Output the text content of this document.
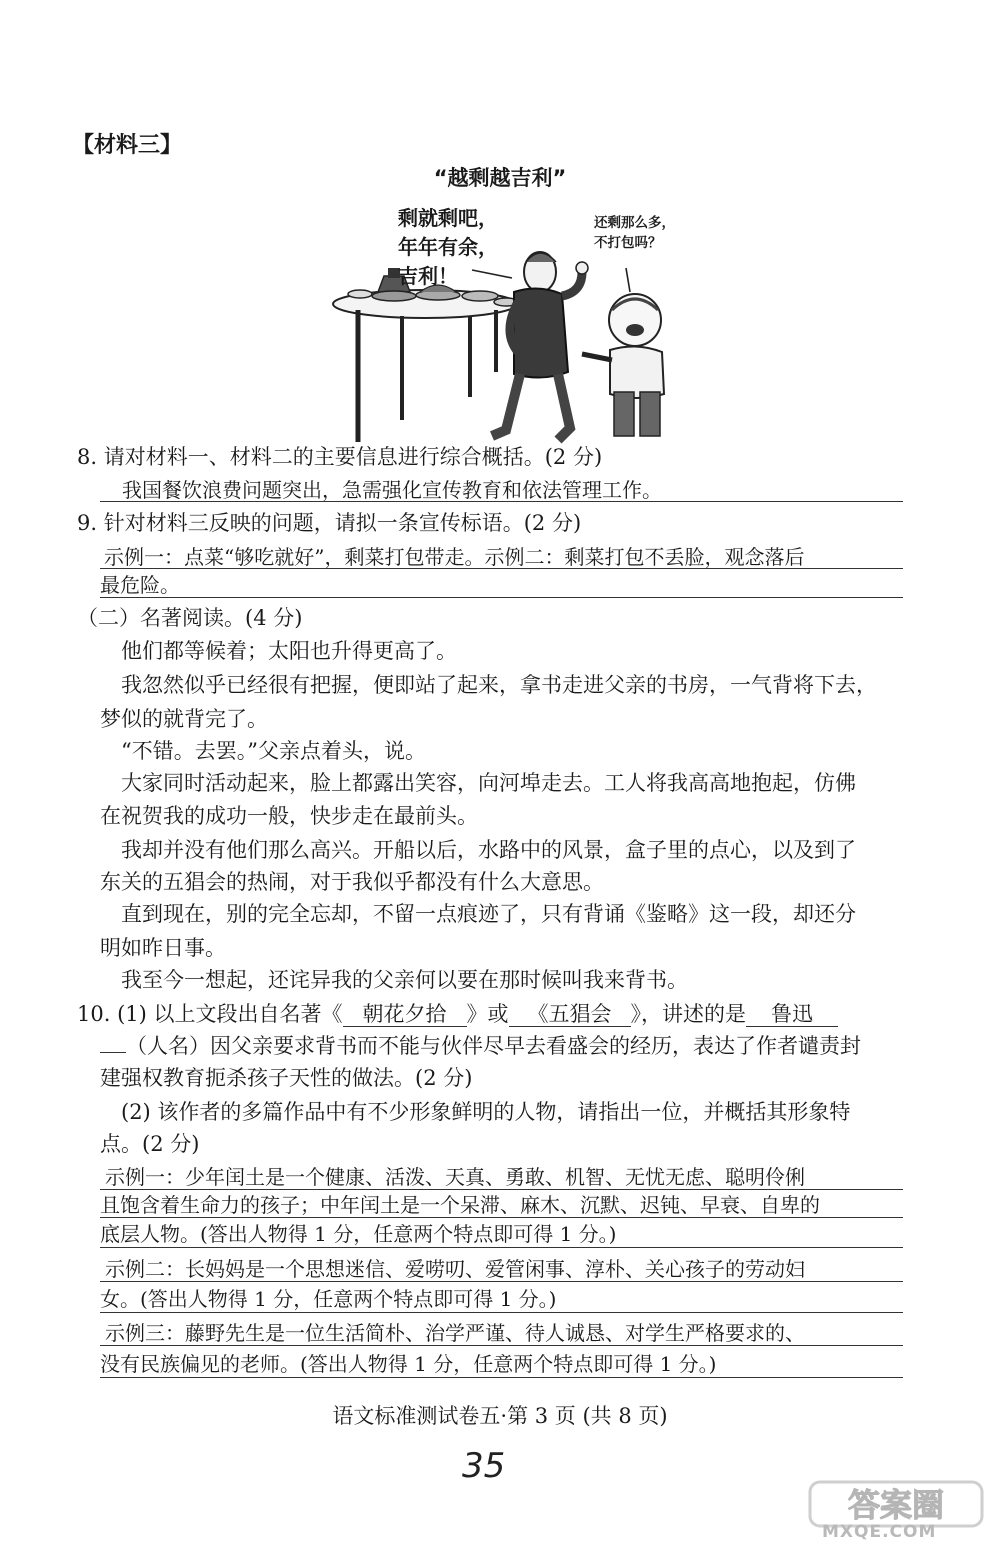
【材料三】
“越剩越吉利”
剩就剩吧，
年年有余，
吉利！
还剩那么多，
不打包吗？
8. 请对材料一、材料二的主要信息进行综合概括。(2 分)
我国餐饮浪费问题突出，急需强化宣传教育和依法管理工作。
9. 针对材料三反映的问题，请拟一条宣传标语。(2 分)
示例一：点菜“够吃就好”，剩菜打包带走。示例二：剩菜打包不丢脸，观念落后
最危险。
（二）名著阅读。(4 分)
他们都等候着；太阳也升得更高了。
我忽然似乎已经很有把握，便即站了起来，拿书走进父亲的书房，一气背将下去，
梦似的就背完了。
“不错。去罢。”父亲点着头，说。
大家同时活动起来，脸上都露出笑容，向河埠走去。工人将我高高地抱起，仿佛
在祝贺我的成功一般，快步走在最前头。
我却并没有他们那么高兴。开船以后，水路中的风景，盒子里的点心，以及到了
东关的五猖会的热闹，对于我似乎都没有什么大意思。
直到现在，别的完全忘却，不留一点痕迹了，只有背诵《鉴略》这一段，却还分
明如昨日事。
我至今一想起，还诧异我的父亲何以要在那时候叫我来背书。
10. (1) 以上文段出自名著《 朝花夕拾 》或 《五猖会 》，讲述的是 鲁迅
（人名）因父亲要求背书而不能与伙伴尽早去看盛会的经历，表达了作者谴责封
建强权教育扼杀孩子天性的做法。(2 分)
(2) 该作者的多篇作品中有不少形象鲜明的人物，请指出一位，并概括其形象特
点。(2 分)
示例一：少年闰土是一个健康、活泼、天真、勇敢、机智、无忧无虑、聪明伶俐
且饱含着生命力的孩子；中年闰土是一个呆滞、麻木、沉默、迟钝、早衰、自卑的
底层人物。(答出人物得 1 分，任意两个特点即可得 1 分。)
示例二：长妈妈是一个思想迷信、爱唠叨、爱管闲事、淳朴、关心孩子的劳动妇
女。(答出人物得 1 分，任意两个特点即可得 1 分。)
示例三：藤野先生是一位生活简朴、治学严谨、待人诚恳、对学生严格要求的、
没有民族偏见的老师。(答出人物得 1 分，任意两个特点即可得 1 分。)
语文标准测试卷五·第 3 页 (共 8 页)
35
答案圈
MXQE.COM
